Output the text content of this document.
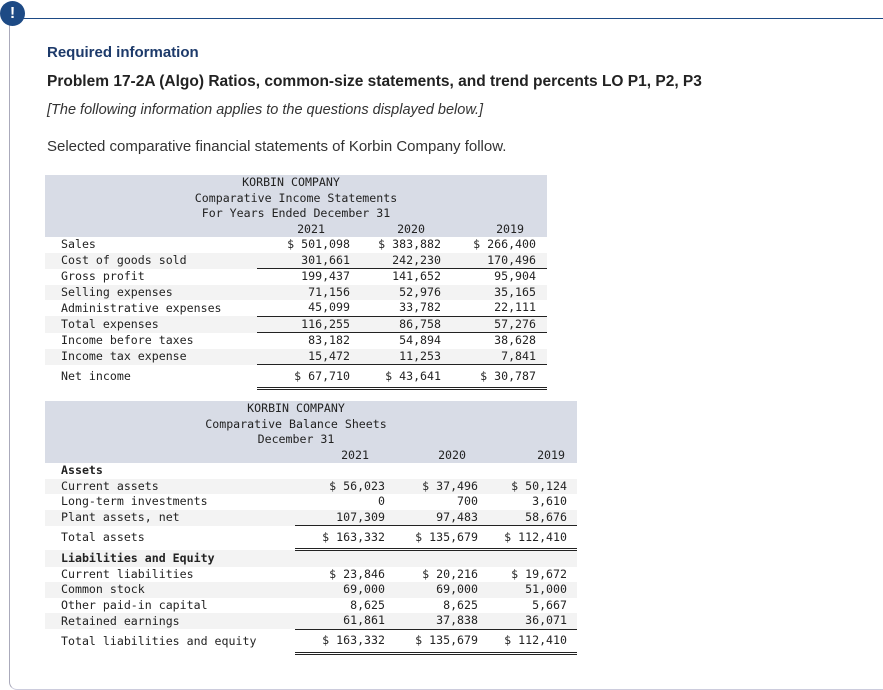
!
Required information
Problem 17-2A (Algo) Ratios, common-size statements, and trend percents LO P1, P2, P3
[The following information applies to the questions displayed below.]
Selected comparative financial statements of Korbin Company follow.
KORBIN COMPANY			
Comparative Income Statements			
For Years Ended December 31			
	2021	2020	2019
Sales	$ 501,098	$ 383,882	$ 266,400
Cost of goods sold	301,661	242,230	170,496
Gross profit	199,437	141,652	95,904
Selling expenses	71,156	52,976	35,165
Administrative expenses	45,099	33,782	22,111
Total expenses	116,255	86,758	57,276
Income before taxes	83,182	54,894	38,628
Income tax expense	15,472	11,253	7,841
Net income	$ 67,710	$ 43,641	$ 30,787
KORBIN COMPANY			
Comparative Balance Sheets			
December 31			
	2021	2020	2019
Assets			
Current assets	$ 56,023	$ 37,496	$ 50,124
Long-term investments	0	700	3,610
Plant assets, net	107,309	97,483	58,676
Total assets	$ 163,332	$ 135,679	$ 112,410
Liabilities and Equity			
Current liabilities	$ 23,846	$ 20,216	$ 19,672
Common stock	69,000	69,000	51,000
Other paid-in capital	8,625	8,625	5,667
Retained earnings	61,861	37,838	36,071
Total liabilities and equity	$ 163,332	$ 135,679	$ 112,410
